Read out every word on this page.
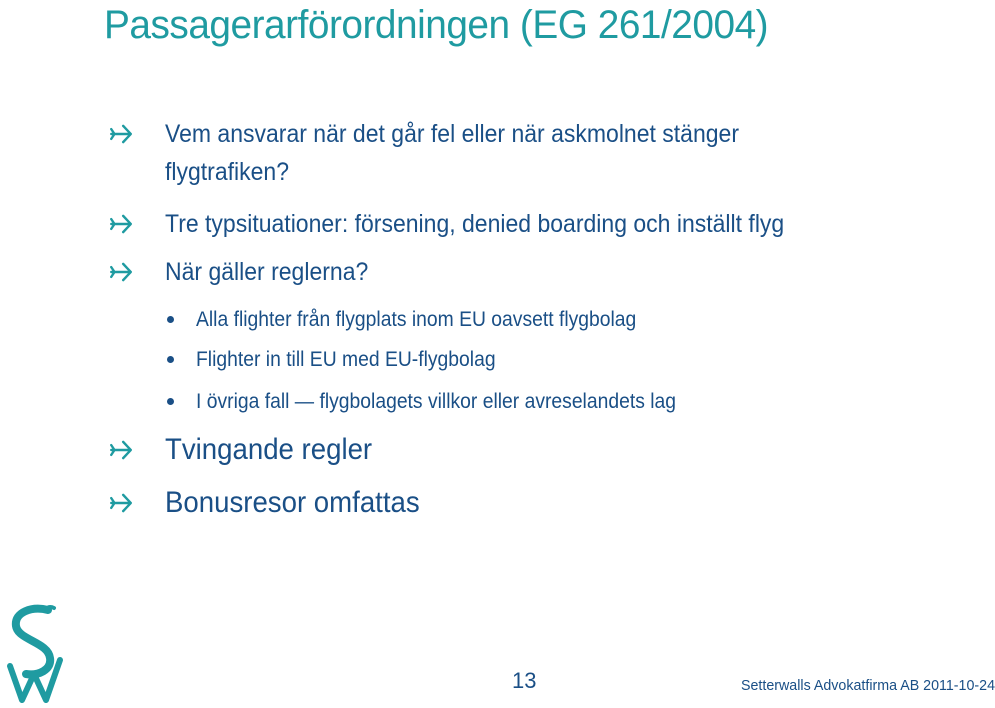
Passagerarförordningen (EG 261/2004)
Vem ansvarar när det går fel eller när askmolnet stänger
flygtrafiken?
Tre typsituationer: försening, denied boarding och inställt flyg
När gäller reglerna?
Alla flighter från flygplats inom EU oavsett flygbolag
Flighter in till EU med EU-flygbolag
I övriga fall — flygbolagets villkor eller avreselandets lag
Tvingande regler
Bonusresor omfattas
13	Setterwalls Advokatfirma AB 2011-10-24
